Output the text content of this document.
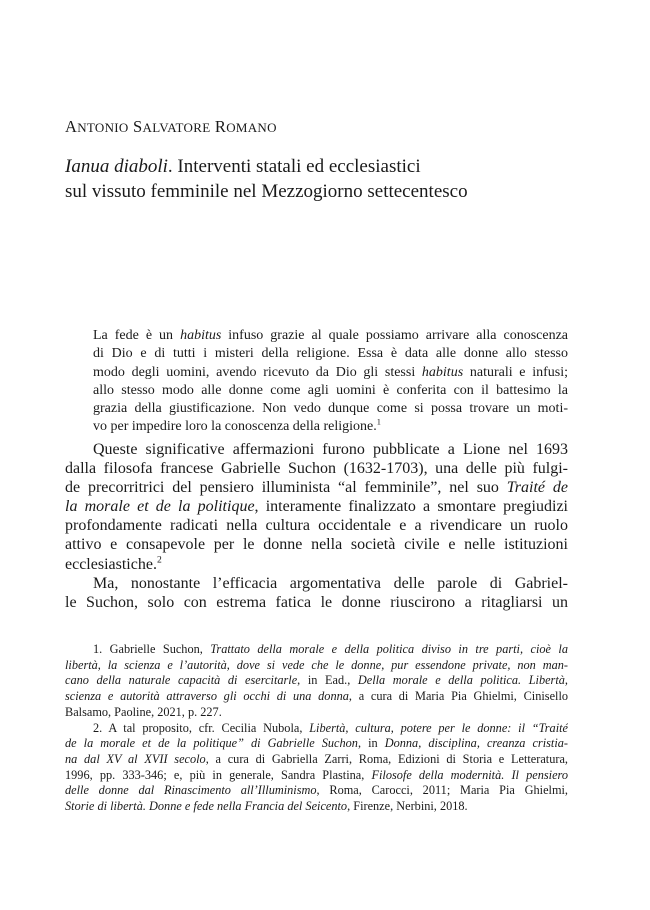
ANTONIO SALVATORE ROMANO
Ianua diaboli. Interventi statali ed ecclesiastici
sul vissuto femminile nel Mezzogiorno settecentesco
La fede è un habitus infuso grazie al quale possiamo arrivare alla conoscenza
di Dio e di tutti i misteri della religione. Essa è data alle donne allo stesso
modo degli uomini, avendo ricevuto da Dio gli stessi habitus naturali e infusi;
allo stesso modo alle donne come agli uomini è conferita con il battesimo la
grazia della giustificazione. Non vedo dunque come si possa trovare un moti-
vo per impedire loro la conoscenza della religione.$^1$
Queste significative affermazioni furono pubblicate a Lione nel 1693
dalla filosofa francese Gabrielle Suchon (1632-1703), una delle più fulgi-
de precorritrici del pensiero illuminista “al femminile”, nel suo Traité de
la morale et de la politique, interamente finalizzato a smontare pregiudizi
profondamente radicati nella cultura occidentale e a rivendicare un ruolo
attivo e consapevole per le donne nella società civile e nelle istituzioni
ecclesiastiche.$^2$
Ma, nonostante l’efficacia argomentativa delle parole di Gabriel-
le Suchon, solo con estrema fatica le donne riuscirono a ritagliarsi un
1. Gabrielle Suchon, Trattato della morale e della politica diviso in tre parti, cioè la
libertà, la scienza e l’autorità, dove si vede che le donne, pur essendone private, non man-
cano della naturale capacità di esercitarle, in Ead., Della morale e della politica. Libertà,
scienza e autorità attraverso gli occhi di una donna, a cura di Maria Pia Ghielmi, Cinisello
Balsamo, Paoline, 2021, p. 227.
2. A tal proposito, cfr. Cecilia Nubola, Libertà, cultura, potere per le donne: il “Traité
de la morale et de la politique” di Gabrielle Suchon, in Donna, disciplina, creanza cristia-
na dal XV al XVII secolo, a cura di Gabriella Zarri, Roma, Edizioni di Storia e Letteratura,
1996, pp. 333-346; e, più in generale, Sandra Plastina, Filosofe della modernità. Il pensiero
delle donne dal Rinascimento all’Illuminismo, Roma, Carocci, 2011; Maria Pia Ghielmi,
Storie di libertà. Donne e fede nella Francia del Seicento, Firenze, Nerbini, 2018.
